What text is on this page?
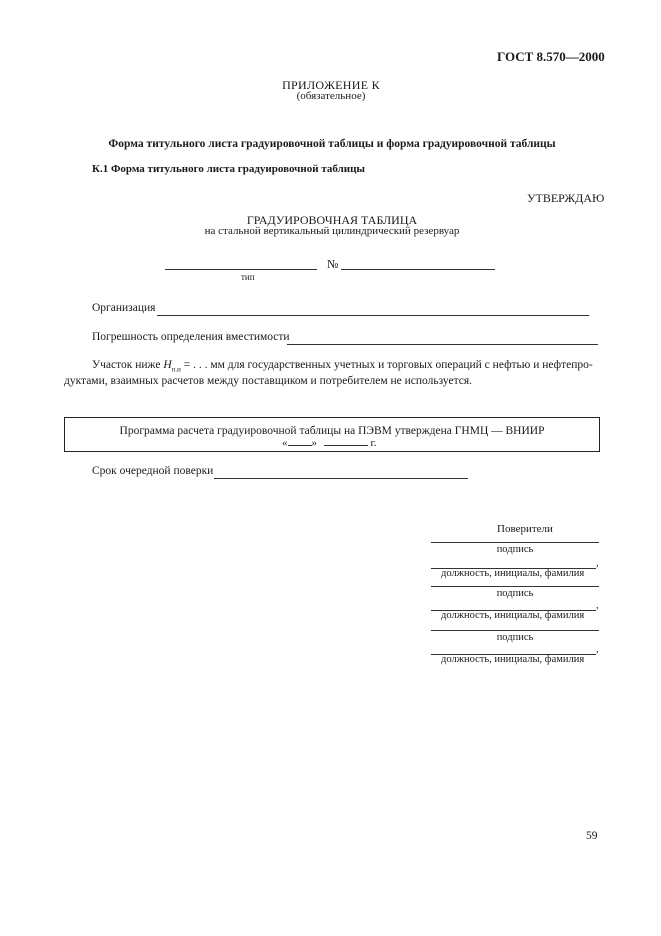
ГОСТ 8.570—2000
ПРИЛОЖЕНИЕ К
(обязательное)
Форма титульного листа градуировочной таблицы и форма градуировочной таблицы
К.1 Форма титульного листа градуировочной таблицы
УТВЕРЖДАЮ
ГРАДУИРОВОЧНАЯ ТАБЛИЦА
на стальной вертикальный цилиндрический резервуар
тип
№
Организация
Погрешность определения вместимости
Участок ниже $H_{п.н}$ = . . . мм для государственных учетных и торговых операций с нефтью и нефтепро-
дуктами, взаимных расчетов между поставщиком и потребителем не используется.
Программа расчета градуировочной таблицы на ПЭВМ утверждена ГНМЦ — ВНИИР
« »	г.
Срок очередной поверки
Поверители
подпись
,
должность, инициалы, фамилия
подпись
,
должность, инициалы, фамилия
подпись
,
должность, инициалы, фамилия
59
